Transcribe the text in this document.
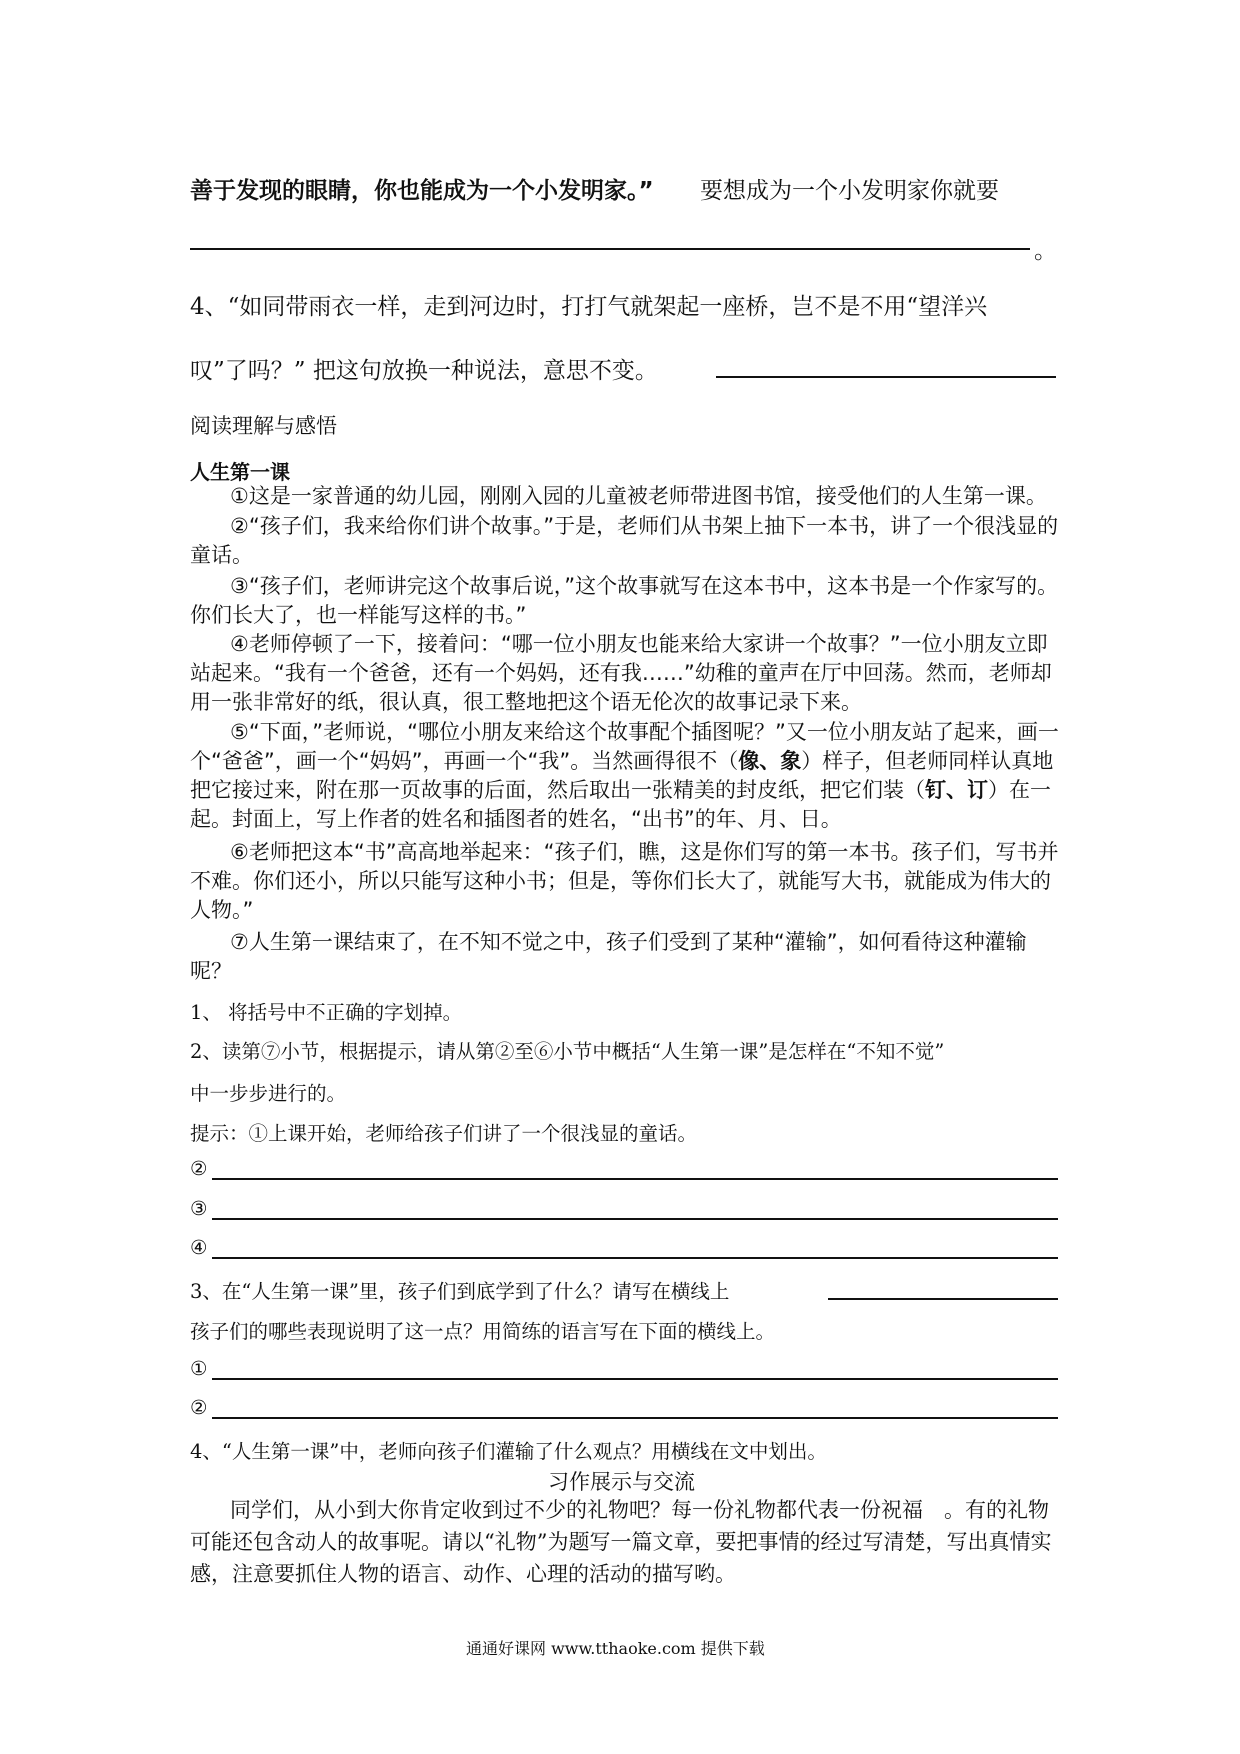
善于发现的眼睛，你也能成为一个小发明家。” 要想成为一个小发明家你就要
。
4、“如同带雨衣一样，走到河边时，打打气就架起一座桥，岂不是不用“望洋兴
叹”了吗？” 把这句放换一种说法，意思不变。
阅读理解与感悟
人生第一课
①这是一家普通的幼儿园，刚刚入园的儿童被老师带进图书馆，接受他们的人生第一课。
②“孩子们，我来给你们讲个故事。”于是，老师们从书架上抽下一本书，讲了一个很浅显的童话。
③“孩子们，老师讲完这个故事后说，”这个故事就写在这本书中，这本书是一个作家写的。你们长大了，也一样能写这样的书。”
④老师停顿了一下，接着问：“哪一位小朋友也能来给大家讲一个故事？”一位小朋友立即站起来。“我有一个爸爸，还有一个妈妈，还有我……”幼稚的童声在厅中回荡。然而，老师却用一张非常好的纸，很认真，很工整地把这个语无伦次的故事记录下来。
⑤“下面，”老师说，“哪位小朋友来给这个故事配个插图呢？”又一位小朋友站了起来，画一个“爸爸”，画一个“妈妈”，再画一个“我”。当然画得很不（像、象）样子，但老师同样认真地把它接过来，附在那一页故事的后面，然后取出一张精美的封皮纸，把它们装（钉、订）在一起。封面上，写上作者的姓名和插图者的姓名，“出书”的年、月、日。
⑥老师把这本“书”高高地举起来：“孩子们，瞧，这是你们写的第一本书。孩子们，写书并不难。你们还小，所以只能写这种小书；但是，等你们长大了，就能写大书，就能成为伟大的人物。”
⑦人生第一课结束了，在不知不觉之中，孩子们受到了某种“灌输”，如何看待这种灌输呢？
1、 将括号中不正确的字划掉。
2、读第⑦小节，根据提示，请从第②至⑥小节中概括“人生第一课”是怎样在“不知不觉”
中一步步进行的。
提示：①上课开始，老师给孩子们讲了一个很浅显的童话。
②
③
④
3、在“人生第一课”里，孩子们到底学到了什么？请写在横线上
孩子们的哪些表现说明了这一点？用简练的语言写在下面的横线上。
①
②
4、“人生第一课”中，老师向孩子们灌输了什么观点？用横线在文中划出。
习作展示与交流
同学们，从小到大你肯定收到过不少的礼物吧？每一份礼物都代表一份祝福　。有的礼物可能还包含动人的故事呢。请以“礼物”为题写一篇文章，要把事情的经过写清楚，写出真情实感，注意要抓住人物的语言、动作、心理的活动的描写哟。
通通好课网 www.tthaoke.com 提供下载
